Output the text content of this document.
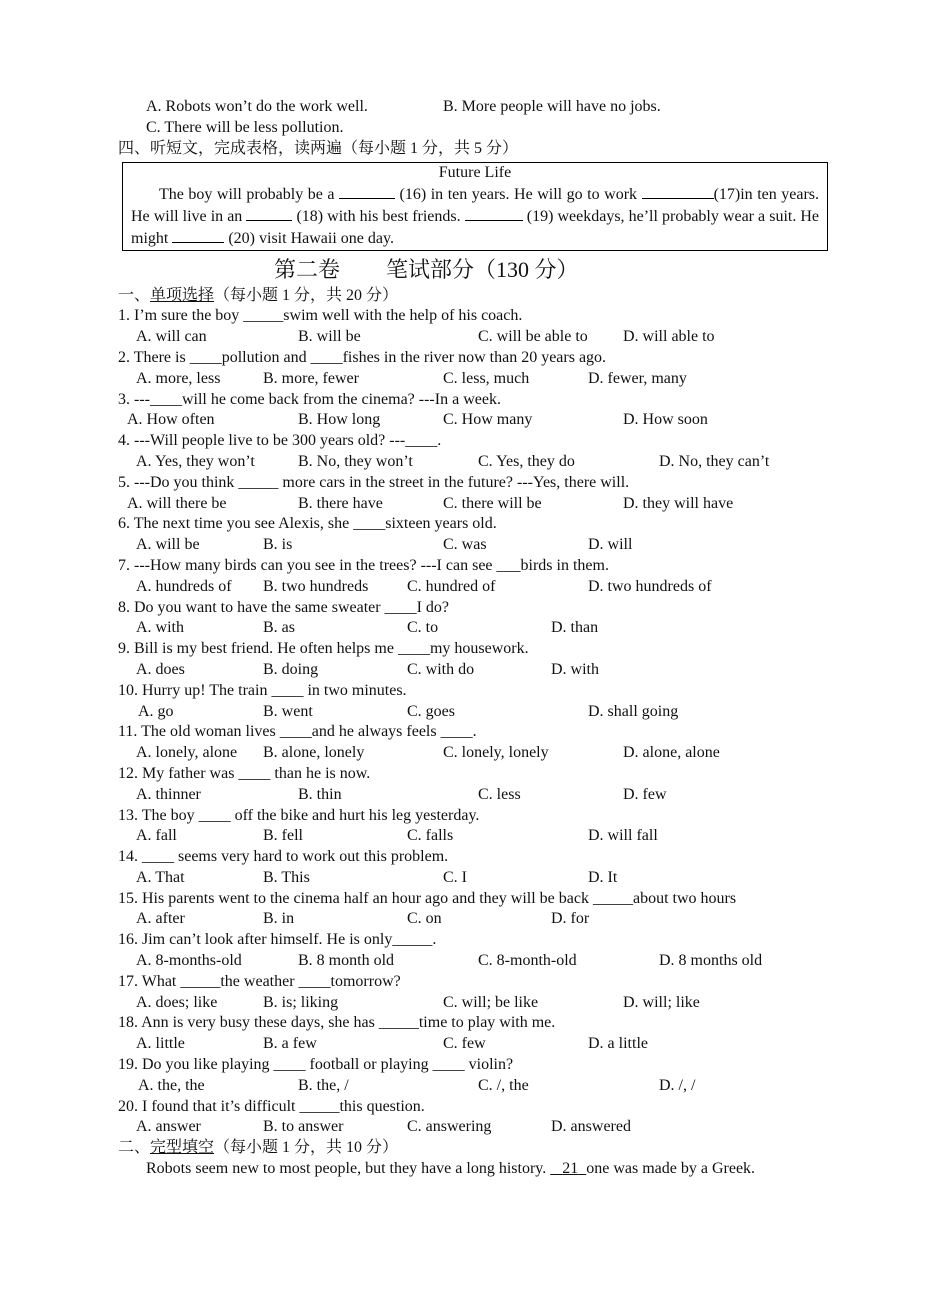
A. Robots won’t do the work well.	B. More people will have no jobs.
C. There will be less pollution.
四、听短文，完成表格，读两遍（每小题 1 分，共 5 分）
Future Life
The boy will probably be a	(16) in ten years. He will go to work	(17)in ten years. He will live in an	(18) with his best friends.	(19) weekdays, he’ll probably wear a suit. He might	(20) visit Hawaii one day.
第二卷 笔试部分（130 分）
一、单项选择（每小题 1 分，共 20 分）
1. I’m sure the boy _____swim well with the help of his coach.
A. will can	B. will be	C. will be able to D. will able to
2. There is ____pollution and ____fishes in the river now than 20 years ago.
A. more, less	B. more, fewer	C. less, much	D. fewer, many
3. ---____will he come back from the cinema? ---In a week.
A. How often	B. How long	C. How many	D. How soon
4. ---Will people live to be 300 years old? ---____.
A. Yes, they won’t	B. No, they won’t	C. Yes, they do	D. No, they can’t
5. ---Do you think _____ more cars in the street in the future? ---Yes, there will.
A. will there be	B. there have	C. there will be	D. they will have
6. The next time you see Alexis, she ____sixteen years old.
A. will be	B. is	C. was	D. will
7. ---How many birds can you see in the trees? ---I can see ___birds in them.
A. hundreds of B. two hundreds C. hundred of	D. two hundreds of
8. Do you want to have the same sweater ____I do?
A. with	B. as	C. to	D. than
9. Bill is my best friend. He often helps me ____my housework.
A. does	B. doing	C. with do	D. with
10. Hurry up! The train ____ in two minutes.
A. go	B. went	C. goes	D. shall going
11. The old woman lives ____and he always feels ____.
A. lonely, alone B. alone, lonely	C. lonely, lonely	D. alone, alone
12. My father was ____ than he is now.
A. thinner	B. thin	C. less	D. few
13. The boy ____ off the bike and hurt his leg yesterday.
A. fall	B. fell	C. falls	D. will fall
14. ____ seems very hard to work out this problem.
A. That	B. This	C. I	D. It
15. His parents went to the cinema half an hour ago and they will be back _____about two hours
A. after	B. in	C. on	D. for
16. Jim can’t look after himself. He is only_____.
A. 8-months-old	B. 8 month old	C. 8-month-old	D. 8 months old
17. What _____the weather ____tomorrow?
A. does; like	B. is; liking	C. will; be like	D. will; like
18. Ann is very busy these days, she has _____time to play with me.
A. little	B. a few	C. few	D. a little
19. Do you like playing ____ football or playing ____ violin?
A. the, the	B. the, /	C. /, the	D. /, /
20. I found that it’s difficult _____this question.
A. answer	B. to answer	C. answering	D. answered
二、完型填空（每小题 1 分，共 10 分）
Robots seem new to most people, but they have a long history. 21 one was made by a Greek.
